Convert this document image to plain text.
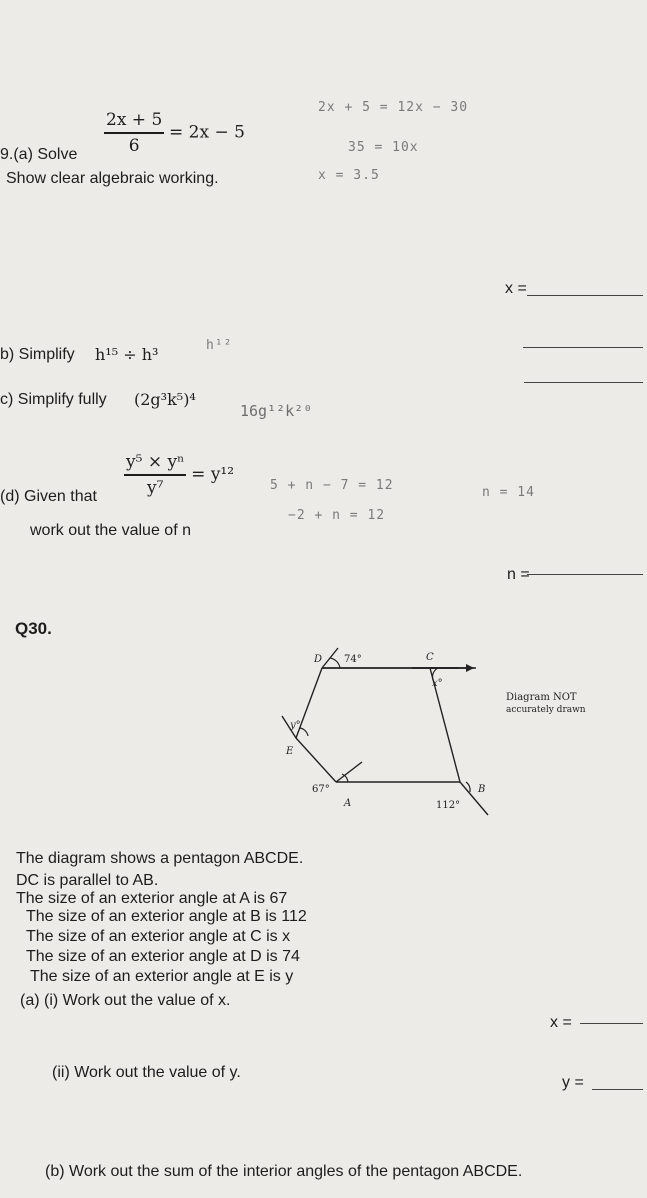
9.(a) Solve $\frac{2x + 5}{6} = 2x - 5$
Show clear algebraic working.
2x + 5 = 12x − 30
35 = 10x
x = 3.5
x =
b) Simplify h¹⁵ ÷ h³	h¹²
c) Simplify fully (2g³k⁵)⁴
16g¹²k²⁰
(d) Given that $\frac{\text{y⁵ × yⁿ}}{\text{y⁷}} = y^{12}$
work out the value of n
5 + n − 7 = 12
−2 + n = 12
n = 14
n =
Q30.
74°
x°
y°
67°
112°
D	C
E
A
B
Diagram NOT
accurately drawn
The diagram shows a pentagon ABCDE.
DC is parallel to AB.
The size of an exterior angle at A is 67
The size of an exterior angle at B is 112
The size of an exterior angle at C is x
The size of an exterior angle at D is 74
The size of an exterior angle at E is y
(a) (i) Work out the value of x.
x =
(ii) Work out the value of y.
y =
(b) Work out the sum of the interior angles of the pentagon ABCDE.
